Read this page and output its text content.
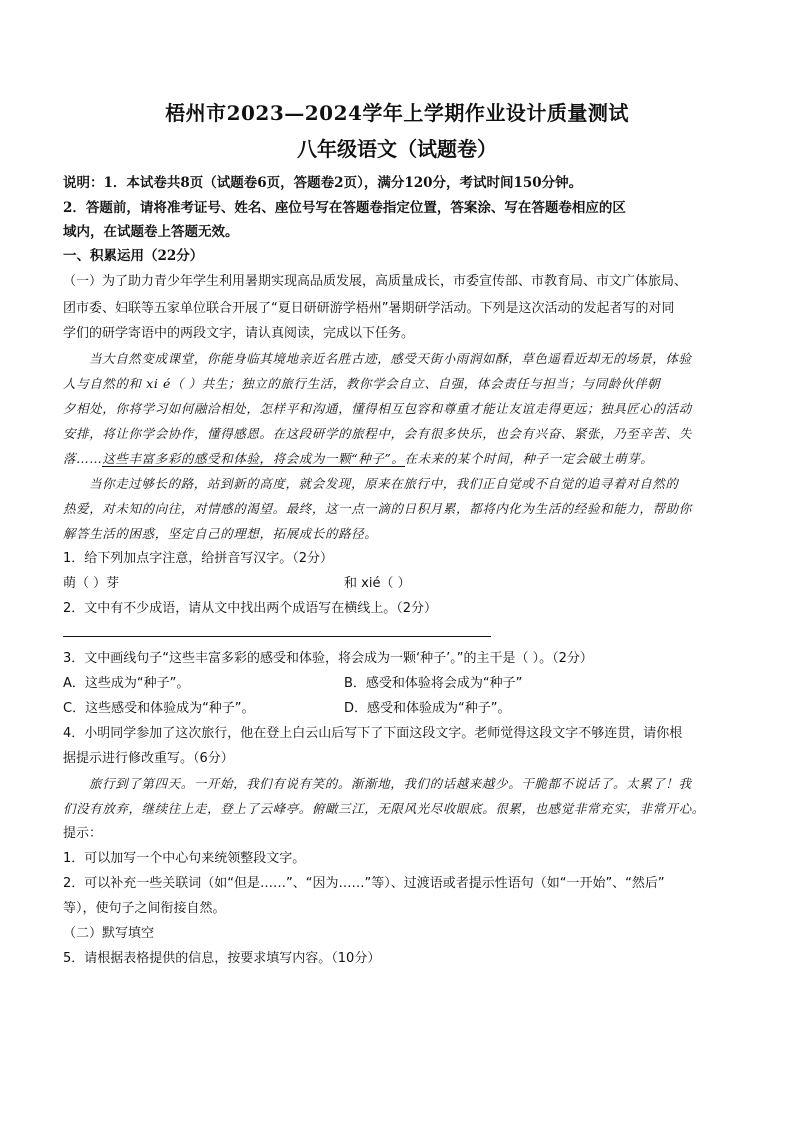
梧州市2023—2024学年上学期作业设计质量测试
八年级语文（试题卷）
说明：1．本试卷共8页（试题卷6页，答题卷2页），满分120分，考试时间150分钟。
2．答题前，请将准考证号、姓名、座位号写在答题卷指定位置，答案涂、写在答题卷相应的区
域内，在试题卷上答题无效。
一、积累运用（22分）
（一）为了助力青少年学生利用暑期实现高品质发展，高质量成长，市委宣传部、市教育局、市文广体旅局、
团市委、妇联等五家单位联合开展了“夏日研研游学梧州”暑期研学活动。下列是这次活动的发起者写的对同
学们的研学寄语中的两段文字，请认真阅读，完成以下任务。
当大自然变成课堂，你能身临其境地亲近名胜古迹，感受天街小雨润如酥，草色遥看近却无的场景，体验
人与自然的和 xi é（ ）共生；独立的旅行生活，教你学会自立、自强，体会责任与担当；与同龄伙伴朝
夕相处，你将学习如何融洽相处，怎样平和沟通，懂得相互包容和尊重才能让友谊走得更远；独具匠心的活动
安排，将让你学会协作，懂得感恩。在这段研学的旅程中，会有很多快乐，也会有兴奋、紧张，乃至辛苦、失
落……这些丰富多彩的感受和体验，将会成为一颗“种子”。在未来的某个时间，种子一定会破土萌芽。
当你走过够长的路，站到新的高度，就会发现，原来在旅行中，我们正自觉或不自觉的追寻着对自然的
热爱，对未知的向往，对情感的渴望。最终，这一点一滴的日积月累，都将内化为生活的经验和能力，帮助你
解答生活的困惑，坚定自己的理想，拓展成长的路径。
1．给下列加点字注意，给拼音写汉字。（2分）
萌（ ）芽	和 xié（ ）
2．文中有不少成语，请从文中找出两个成语写在横线上。（2分）
3．文中画线句子“这些丰富多彩的感受和体验，将会成为一颗‘种子’。”的主干是（ ）。（2分）
A．这些成为“种子”。	B．感受和体验将会成为“种子”
C．这些感受和体验成为“种子”。	D．感受和体验成为“种子”。
4．小明同学参加了这次旅行，他在登上白云山后写下了下面这段文字。老师觉得这段文字不够连贯，请你根
据提示进行修改重写。（6分）
旅行到了第四天。一开始，我们有说有笑的。渐渐地，我们的话越来越少。干脆都不说话了。太累了！我
们没有放弃，继续往上走，登上了云峰亭。俯瞰三江，无限风光尽收眼底。很累，也感觉非常充实，非常开心。
提示：
1．可以加写一个中心句来统领整段文字。
2．可以补充一些关联词（如“但是……”、“因为……”等）、过渡语或者提示性语句（如“一开始”、“然后”
等），使句子之间衔接自然。
（二）默写填空
5．请根据表格提供的信息，按要求填写内容。（10分）
